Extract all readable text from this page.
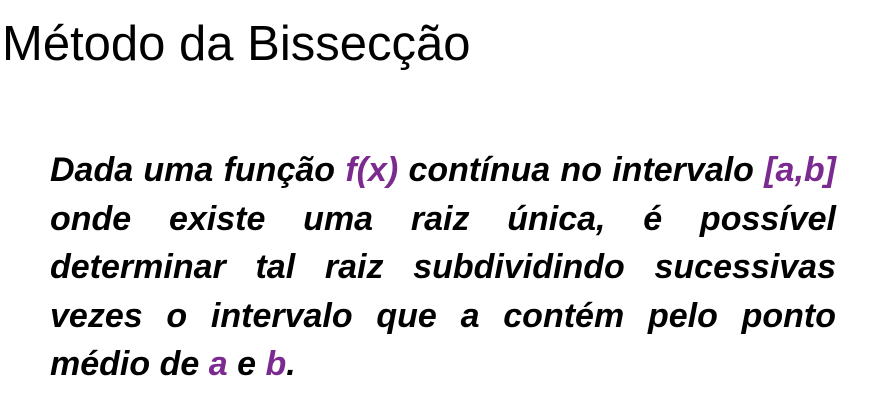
Método da Bissecção

Dada uma função f(x) contínua no intervalo [a,b] onde existe uma raiz única, é possível determinar tal raiz subdividindo sucessivas vezes o intervalo que a contém pelo ponto médio de a e b.
